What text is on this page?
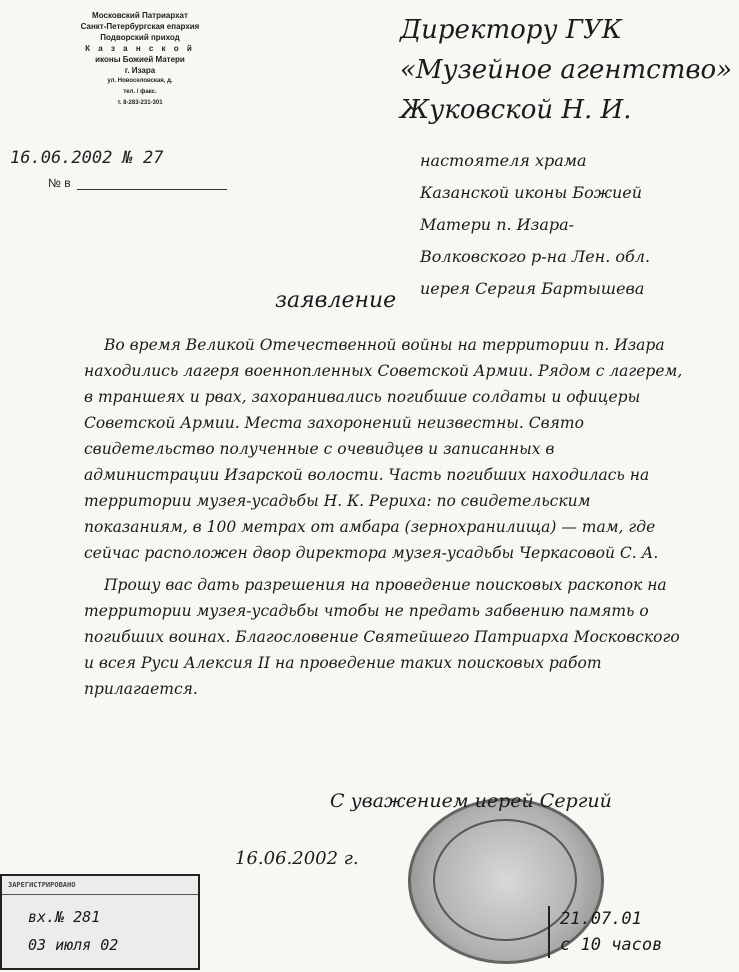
Московский Патриархат
Санкт-Петербургская епархия
Подворский приход
К а з а н с к о й
иконы Божией Матери
г. Изара
ул. Новоселовская, д.
тел. / факс.
т. 8-283-231-301
16.06.2002 № 27
№ в
Директору ГУК
«Музейное агентство»
Жуковской Н. И.
настоятеля храма
Казанской иконы Божией
Матери п. Изара-
Волковского р-на Лен. обл.
иерея Сергия Бартышева
заявление

Во время Великой Отечественной войны на территории п. Изара находились лагеря военнопленных Советской Армии. Рядом с лагерем, в траншеях и рвах, захоранивались погибшие солдаты и офицеры Советской Армии. Места захоронений неизвестны. Свято свидетельство полученные с очевидцев и записанных в администрации Изарской волости. Часть погибших находилась на территории музея-усадьбы Н. К. Рериха: по свидетельским показаниям, в 100 метрах от амбара (зернохранилища) — там, где сейчас расположен двор директора музея-усадьбы Черкасовой С. А.

Прошу вас дать разрешения на проведение поисковых раскопок на территории музея-усадьбы чтобы не предать забвению память о погибших воинах. Благословение Святейшего Патриарха Московского и всея Руси Алексия II на проведение таких поисковых работ прилагается.

С уважением иерей Сергий
16.06.2002 г.
ЗАРЕГИСТРИРОВАНО
вх.№ 281
03 июля 02
21.07.01
с 10 часов
